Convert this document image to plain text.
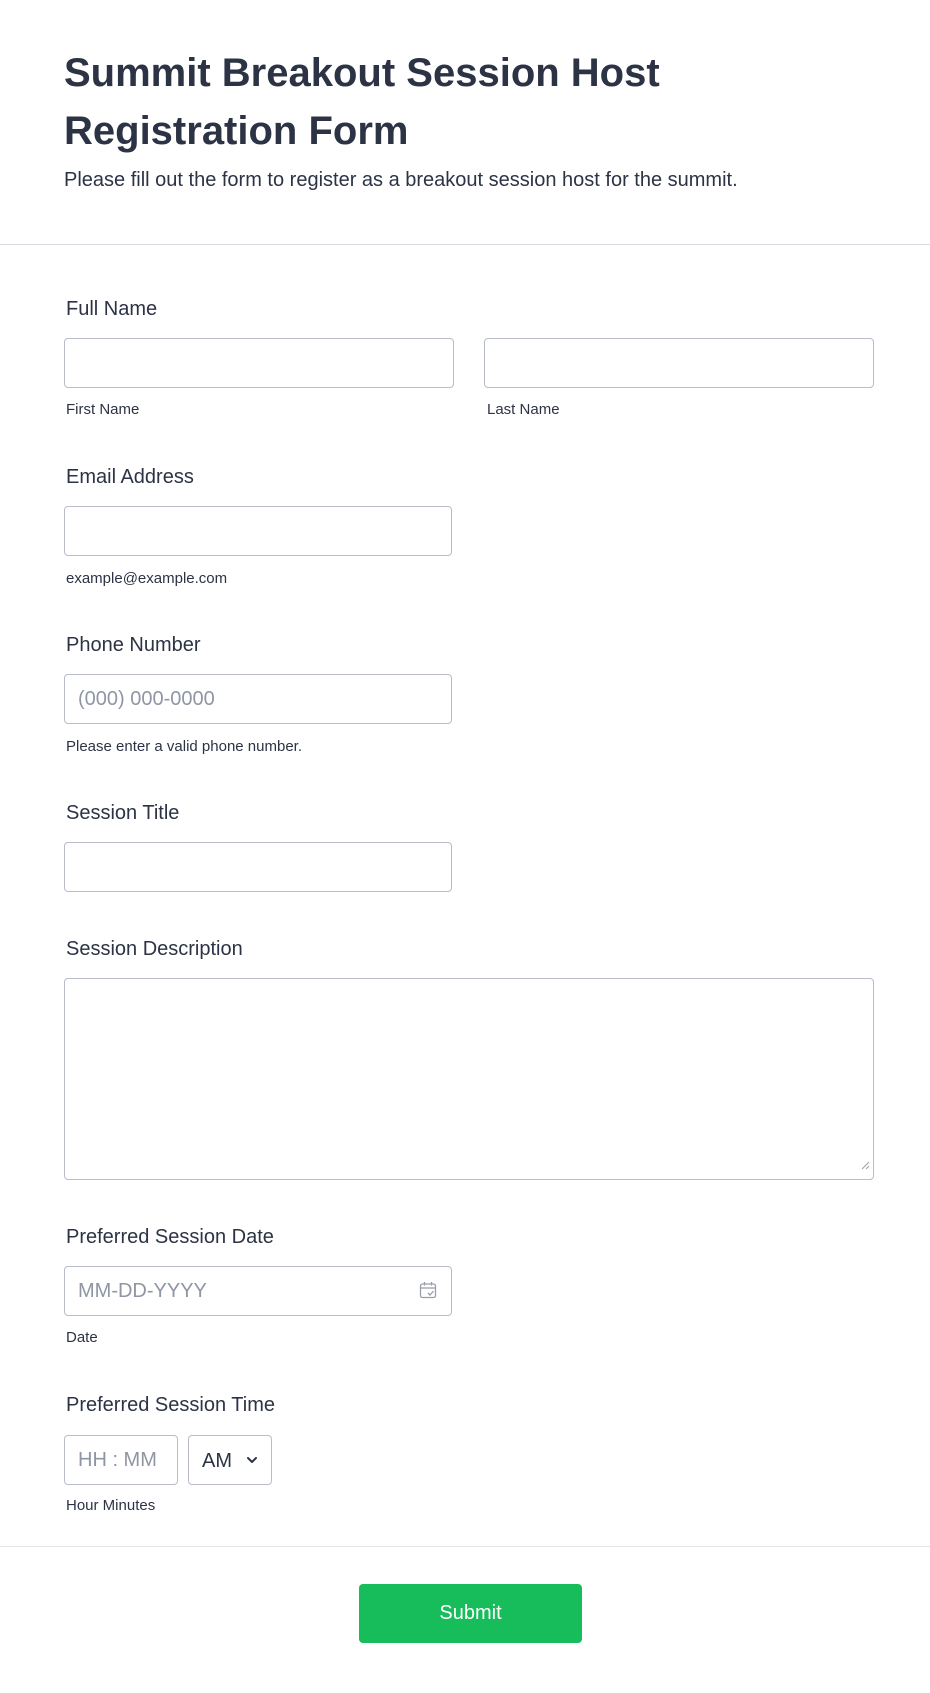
Summit Breakout Session Host Registration Form

Please fill out the form to register as a breakout session host for the summit.

Full Name
First Name	Last Name
Email Address
example@example.com
Phone Number
(000) 000-0000
Please enter a valid phone number.
Session Title
Session Description
Preferred Session Date
MM-DD-YYYY
Date
Preferred Session Time
HH : MM
AM
Hour Minutes
Submit
